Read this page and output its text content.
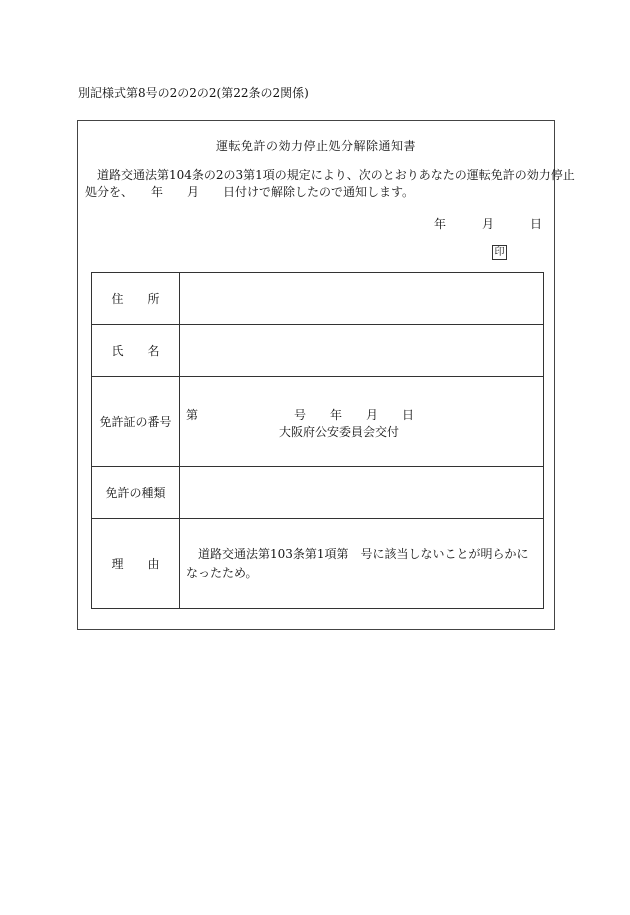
別記様式第8号の2の2の2(第22条の2関係)
運転免許の効力停止処分解除通知書
道路交通法第104条の2の3第1項の規定により、次のとおりあなたの運転免許の効力停止
処分を、　　年　　月　　日付けで解除したので通知します。
年　　　月　　　日
印
住　　所	
氏　　名	
免許証の番号	第　　　　　　　　号　　年　　月　　日
大阪府公安委員会交付

免許の種類	
理　　由	道路交通法第103条第1項第　号に該当しないことが明らかに
なったため。
